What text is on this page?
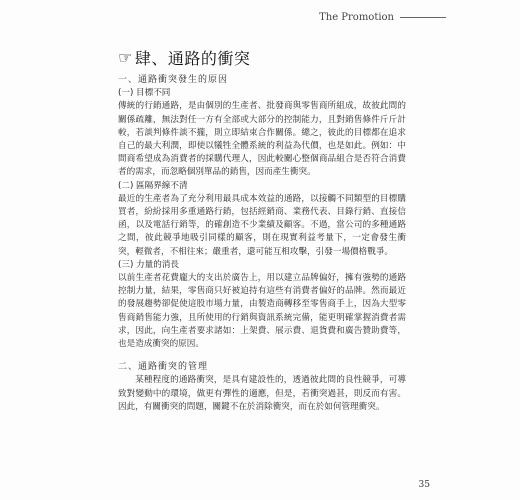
The Promotion
☞ 肆、通路的衝突

一、通路衝突發生的原因

(一) 目標不同

傳統的行銷通路，是由個別的生產者、批發商與零售商所組成，故彼此間的關係疏離，無法對任一方有全部或大部分的控制能力，且對銷售條件斤斤計較，若談判條件談不攏，則立即結束合作關係。總之，彼此的目標都在追求自己的最大利潤，即使以犧牲全體系統的利益為代價，也是如此。例如：中間商希望成為消費者的採購代理人，因此較關心整個商品組合是否符合消費者的需求，而忽略個別單品的銷售，因而產生衝突。

(二) 區隔界線不清

最近的生產者為了充分利用最具成本效益的通路，以接觸不同類型的目標購買者，紛紛採用多重通路行銷，包括經銷商、業務代表、目錄行銷、直接信函，以及電話行銷等，的確創造不少業績及顧客。不過，當公司的多種通路之間，彼此競爭地吸引同樣的顧客，則在現實利益考量下，一定會發生衝突，輕微者，不相往來；嚴重者，還可能互相攻擊，引發一場價格戰爭。

(三) 力量的消長

以前生產者花費龐大的支出於廣告上，用以建立品牌偏好，擁有強勢的通路控制力量，結果，零售商只好被迫持有這些有消費者偏好的品牌。然而最近的發展趨勢卻促使這股市場力量，由製造商轉移至零售商手上，因為大型零售商銷售能力強，且所使用的行銷與資訊系統完備，能更明確掌握消費者需求，因此，向生產者要求諸如：上架費、展示費、退貨費和廣告贊助費等，也是造成衝突的原因。

二、通路衝突的管理

某種程度的通路衝突，是具有建設性的，透過彼此間的良性競爭，可導致對變動中的環境，做更有彈性的適應，但是，若衝突過甚，則反而有害。因此，有關衝突的問題，關鍵不在於消除衝突，而在於如何管理衝突。

35
